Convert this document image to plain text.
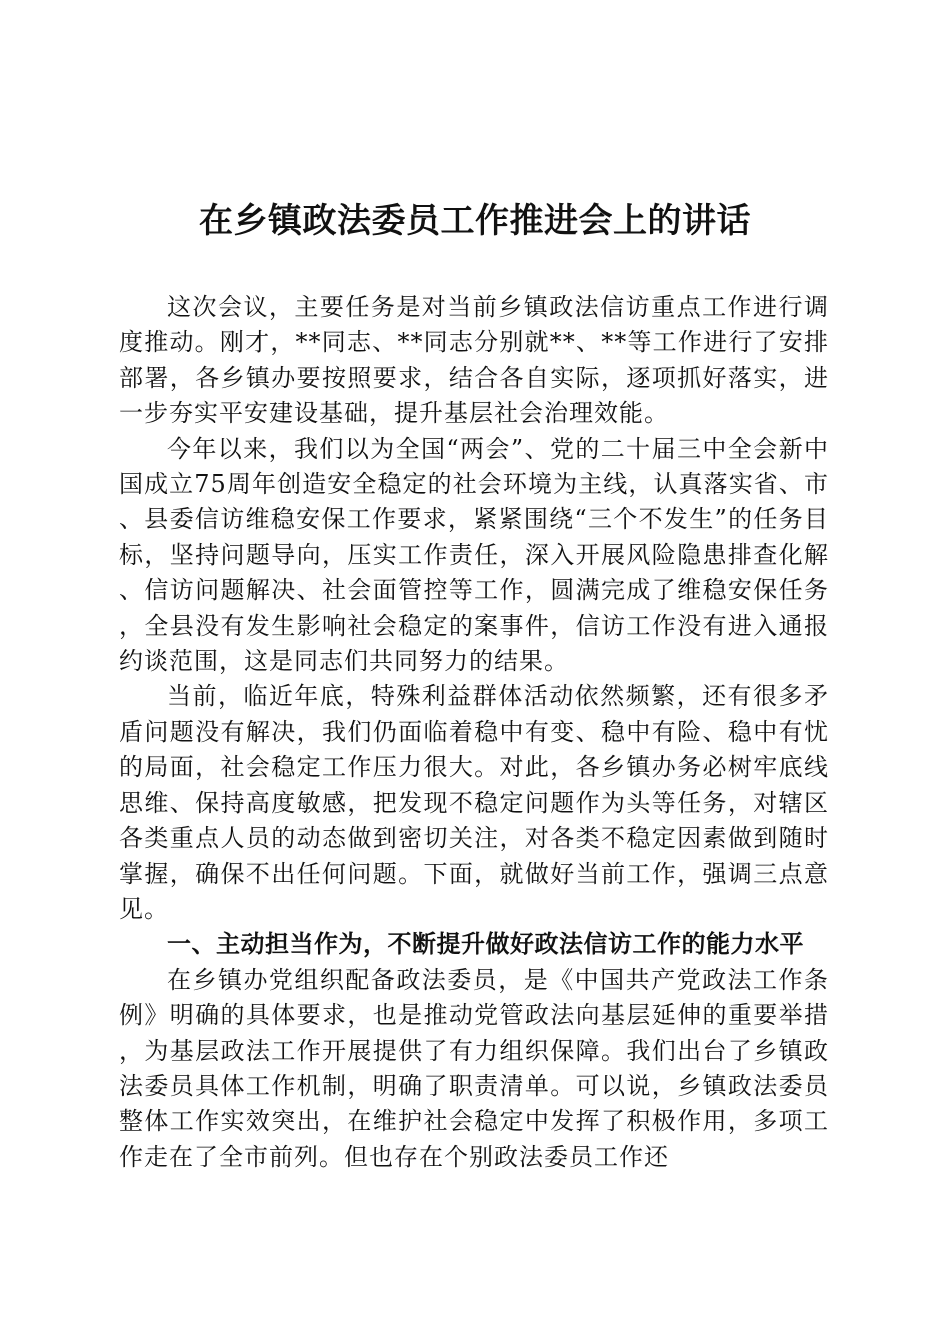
在乡镇政法委员工作推进会上的讲话

这次会议，主要任务是对当前乡镇政法信访重点工作进行调度推动。刚才，**同志、**同志分别就**、**等工作进行了安排部署，各乡镇办要按照要求，结合各自实际，逐项抓好落实，进一步夯实平安建设基础，提升基层社会治理效能。

今年以来，我们以为全国“两会”、党的二十届三中全会新中国成立75周年创造安全稳定的社会环境为主线，认真落实省、市、县委信访维稳安保工作要求，紧紧围绕“三个不发生”的任务目标，坚持问题导向，压实工作责任，深入开展风险隐患排查化解、信访问题解决、社会面管控等工作，圆满完成了维稳安保任务，全县没有发生影响社会稳定的案事件，信访工作没有进入通报约谈范围，这是同志们共同努力的结果。

当前，临近年底，特殊利益群体活动依然频繁，还有很多矛盾问题没有解决，我们仍面临着稳中有变、稳中有险、稳中有忧的局面，社会稳定工作压力很大。对此，各乡镇办务必树牢底线思维、保持高度敏感，把发现不稳定问题作为头等任务，对辖区各类重点人员的动态做到密切关注，对各类不稳定因素做到随时掌握，确保不出任何问题。下面，就做好当前工作，强调三点意见。

一、主动担当作为，不断提升做好政法信访工作的能力水平

在乡镇办党组织配备政法委员，是《中国共产党政法工作条例》明确的具体要求，也是推动党管政法向基层延伸的重要举措，为基层政法工作开展提供了有力组织保障。我们出台了乡镇政法委员具体工作机制，明确了职责清单。可以说，乡镇政法委员整体工作实效突出，在维护社会稳定中发挥了积极作用，多项工作走在了全市前列。但也存在个别政法委员工作还
